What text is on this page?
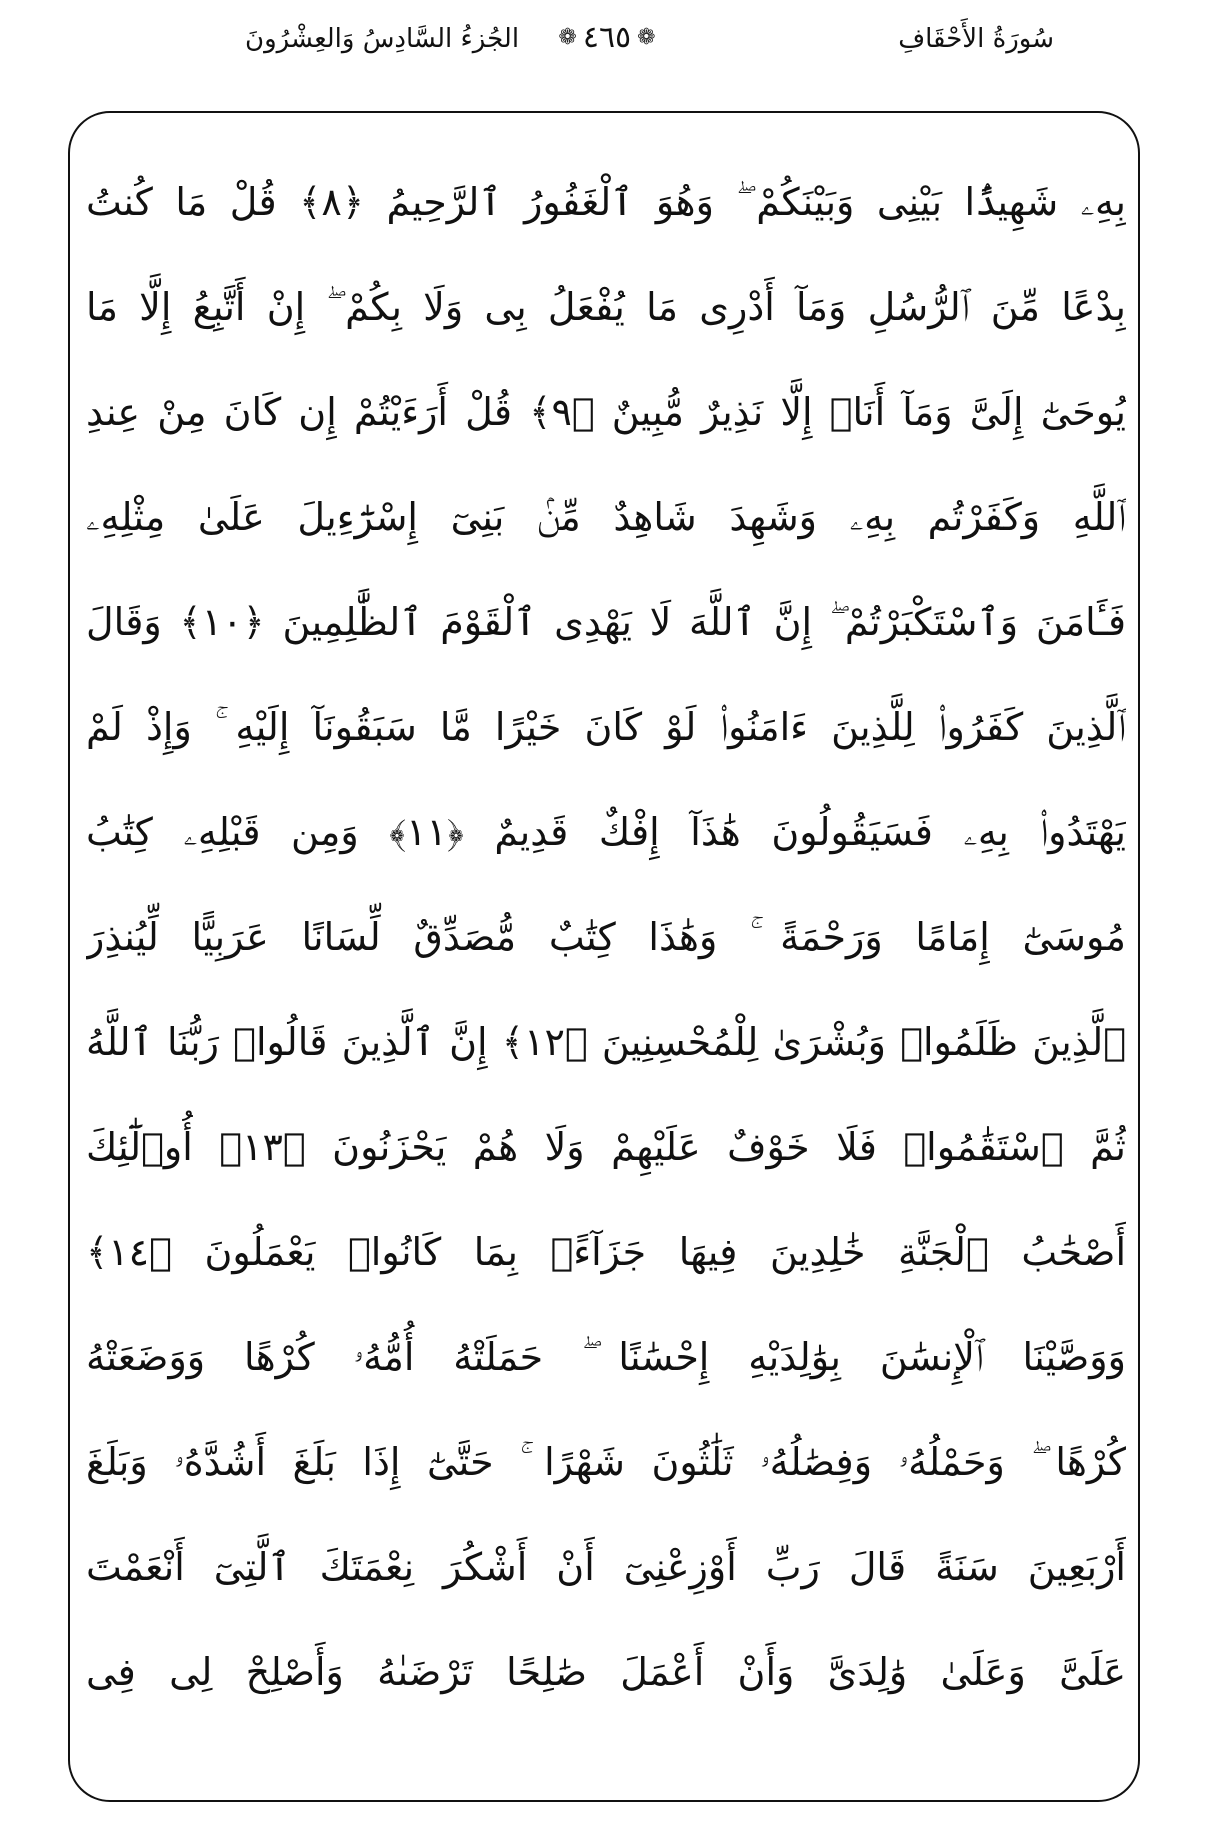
الجُزءُ السَّادِسُ وَالعِشْرُونَ ❁ ٤٦٥ ❁	سُورَةُ الأَحْقَافِ
بِهِۦ شَهِيدًۢا بَيْنِى وَبَيْنَكُمْ ۖ وَهُوَ ٱلْغَفُورُ ٱلرَّحِيمُ ﴿٨﴾ قُلْ مَا كُنتُ
بِدْعًا مِّنَ ٱلرُّسُلِ وَمَآ أَدْرِى مَا يُفْعَلُ بِى وَلَا بِكُمْ ۖ إِنْ أَتَّبِعُ إِلَّا مَا
يُوحَىٰٓ إِلَىَّ وَمَآ أَنَا۠ إِلَّا نَذِيرٌ مُّبِينٌ ﴿٩﴾ قُلْ أَرَءَيْتُمْ إِن كَانَ مِنْ عِندِ
ٱللَّهِ وَكَفَرْتُم بِهِۦ وَشَهِدَ شَاهِدٌ مِّنۢ بَنِىٓ إِسْرَٰٓءِيلَ عَلَىٰ مِثْلِهِۦ
فَـَٔامَنَ وَٱسْتَكْبَرْتُمْ ۖ إِنَّ ٱللَّهَ لَا يَهْدِى ٱلْقَوْمَ ٱلظَّٰلِمِينَ ﴿١٠﴾ وَقَالَ
ٱلَّذِينَ كَفَرُوا۟ لِلَّذِينَ ءَامَنُوا۟ لَوْ كَانَ خَيْرًا مَّا سَبَقُونَآ إِلَيْهِ ۚ وَإِذْ لَمْ
يَهْتَدُوا۟ بِهِۦ فَسَيَقُولُونَ هَٰذَآ إِفْكٌ قَدِيمٌ ﴿١١﴾ وَمِن قَبْلِهِۦ كِتَٰبُ
مُوسَىٰٓ إِمَامًا وَرَحْمَةً ۚ وَهَٰذَا كِتَٰبٌ مُّصَدِّقٌ لِّسَانًا عَرَبِيًّا لِّيُنذِرَ
ٱلَّذِينَ ظَلَمُوا۟ وَبُشْرَىٰ لِلْمُحْسِنِينَ ﴿١٢﴾ إِنَّ ٱلَّذِينَ قَالُوا۟ رَبُّنَا ٱللَّهُ
ثُمَّ ٱسْتَقَٰمُوا۟ فَلَا خَوْفٌ عَلَيْهِمْ وَلَا هُمْ يَحْزَنُونَ ﴿١٣﴾ أُو۟لَٰٓئِكَ
أَصْحَٰبُ ٱلْجَنَّةِ خَٰلِدِينَ فِيهَا جَزَآءًۢ بِمَا كَانُوا۟ يَعْمَلُونَ ﴿١٤﴾
وَوَصَّيْنَا ٱلْإِنسَٰنَ بِوَٰلِدَيْهِ إِحْسَٰنًا ۖ حَمَلَتْهُ أُمُّهُۥ كُرْهًا وَوَضَعَتْهُ
كُرْهًا ۖ وَحَمْلُهُۥ وَفِصَٰلُهُۥ ثَلَٰثُونَ شَهْرًا ۚ حَتَّىٰٓ إِذَا بَلَغَ أَشُدَّهُۥ وَبَلَغَ
أَرْبَعِينَ سَنَةً قَالَ رَبِّ أَوْزِعْنِىٓ أَنْ أَشْكُرَ نِعْمَتَكَ ٱلَّتِىٓ أَنْعَمْتَ
عَلَىَّ وَعَلَىٰ وَٰلِدَىَّ وَأَنْ أَعْمَلَ صَٰلِحًا تَرْضَىٰهُ وَأَصْلِحْ لِى فِى
